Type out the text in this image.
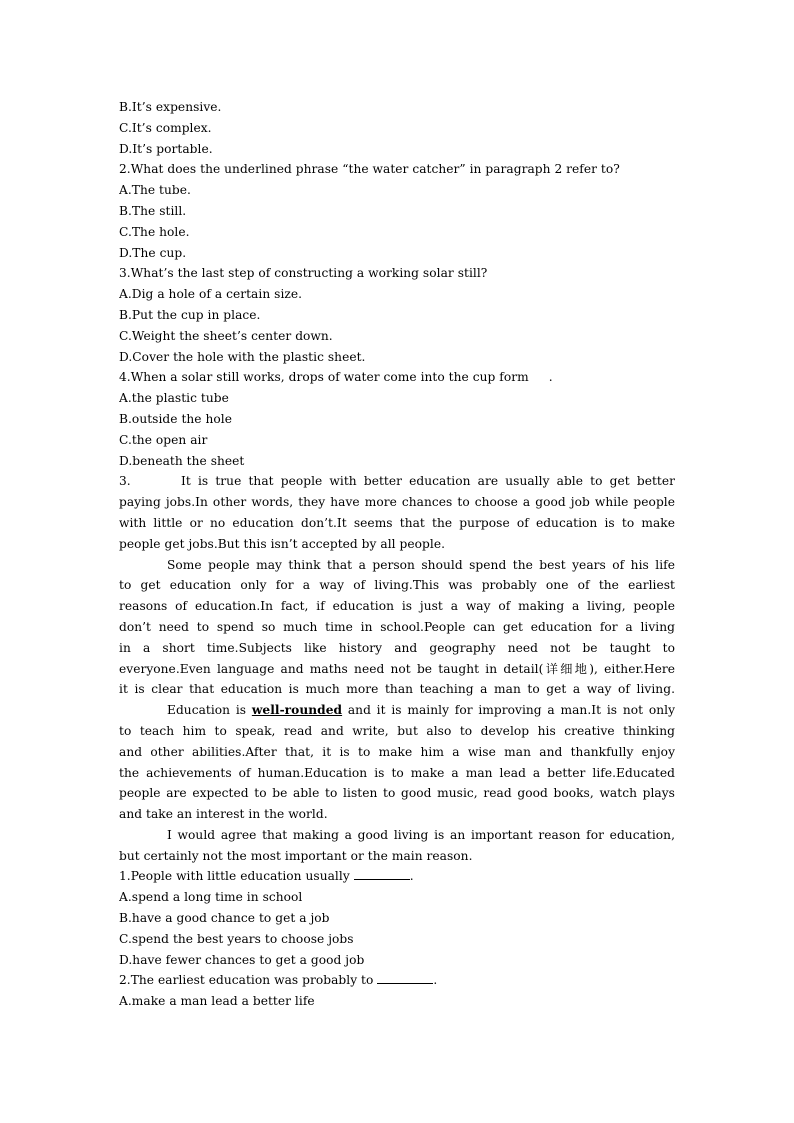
B.It’s expensive.
C.It’s complex.
D.It’s portable.
2.What does the underlined phrase “the water catcher” in paragraph 2 refer to?
A.The tube.
B.The still.
C.The hole.
D.The cup.
3.What’s the last step of constructing a working solar still?
A.Dig a hole of a certain size.
B.Put the cup in place.
C.Weight the sheet’s center down.
D.Cover the hole with the plastic sheet.
4.When a solar still works, drops of water come into the cup form .
A.the plastic tube
B.outside the hole
C.the open air
D.beneath the sheet
3.	It is true that people with better education are usually able to get better
paying jobs.In other words, they have more chances to choose a good job while people
with little or no education don’t.It seems that the purpose of education is to make
people get jobs.But this isn’t accepted by all people.
Some people may think that a person should spend the best years of his life
to get education only for a way of living.This was probably one of the earliest
reasons of education.In fact, if education is just a way of making a living, people
don’t need to spend so much time in school.People can get education for a living
in a short time.Subjects like history and geography need not be taught to
everyone.Even language and maths need not be taught in detail(详细地), either.Here
it is clear that education is much more than teaching a man to get a way of living.
Education is well-rounded and it is mainly for improving a man.It is not only
to teach him to speak, read and write, but also to develop his creative thinking
and other abilities.After that, it is to make him a wise man and thankfully enjoy
the achievements of human.Education is to make a man lead a better life.Educated
people are expected to be able to listen to good music, read good books, watch plays
and take an interest in the world.
I would agree that making a good living is an important reason for education,
but certainly not the most important or the main reason.
1.People with little education usually	.
A.spend a long time in school
B.have a good chance to get a job
C.spend the best years to choose jobs
D.have fewer chances to get a good job
2.The earliest education was probably to	.
A.make a man lead a better life
